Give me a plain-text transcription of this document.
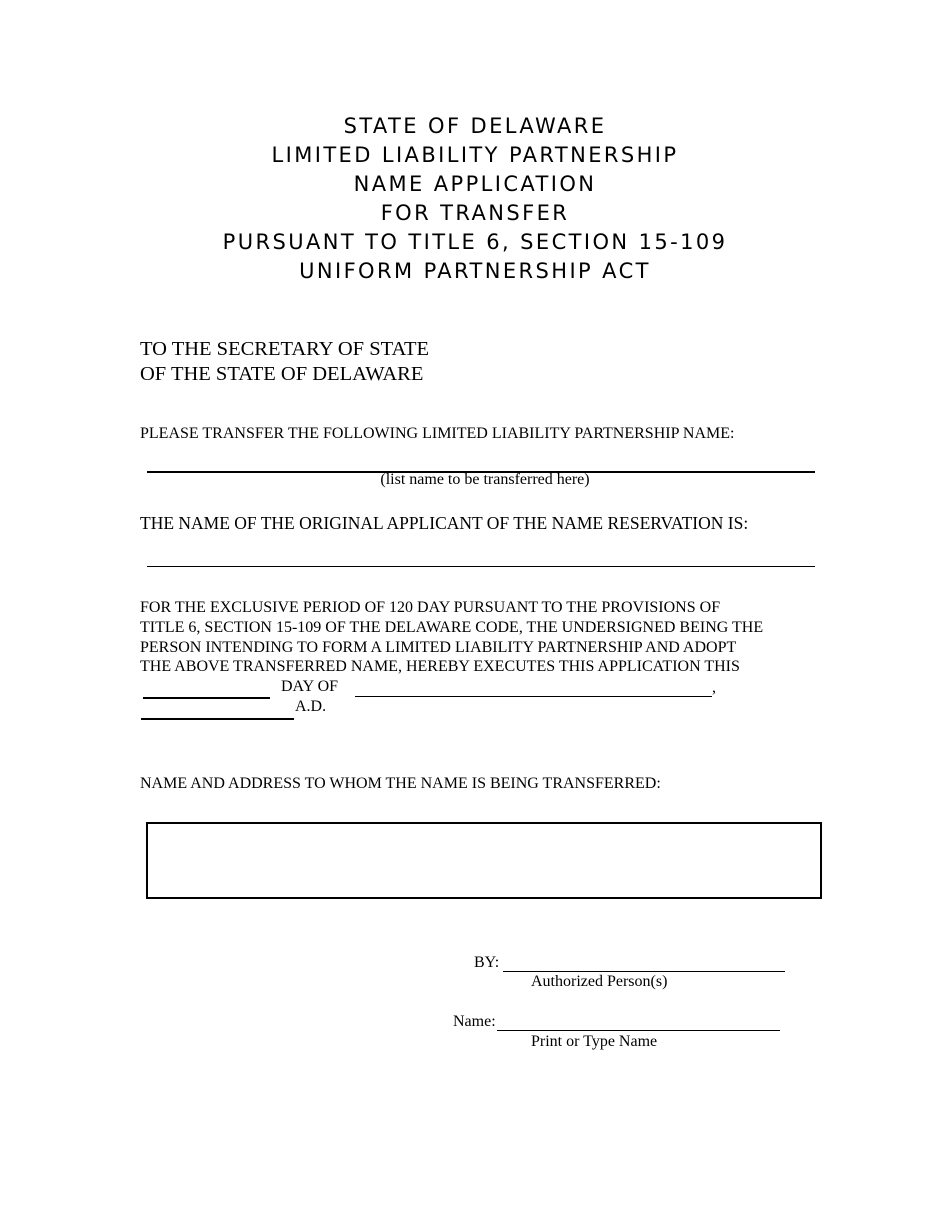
STATE OF DELAWARE
LIMITED LIABILITY PARTNERSHIP
NAME APPLICATION
FOR TRANSFER
PURSUANT TO TITLE 6, SECTION 15-109
UNIFORM PARTNERSHIP ACT
TO THE SECRETARY OF STATE
OF THE STATE OF DELAWARE
PLEASE TRANSFER THE FOLLOWING LIMITED LIABILITY PARTNERSHIP NAME:
(list name to be transferred here)
THE NAME OF THE ORIGINAL APPLICANT OF THE NAME RESERVATION IS:
FOR THE EXCLUSIVE PERIOD OF 120 DAY PURSUANT TO THE PROVISIONS OF
TITLE 6, SECTION 15-109 OF THE DELAWARE CODE, THE UNDERSIGNED BEING THE
PERSON INTENDING TO FORM A LIMITED LIABILITY PARTNERSHIP AND ADOPT
THE ABOVE TRANSFERRED NAME, HEREBY EXECUTES THIS APPLICATION THIS
DAY OF	,
A.D.
NAME AND ADDRESS TO WHOM THE NAME IS BEING TRANSFERRED:
BY:
Authorized Person(s)
Name:
Print or Type Name
